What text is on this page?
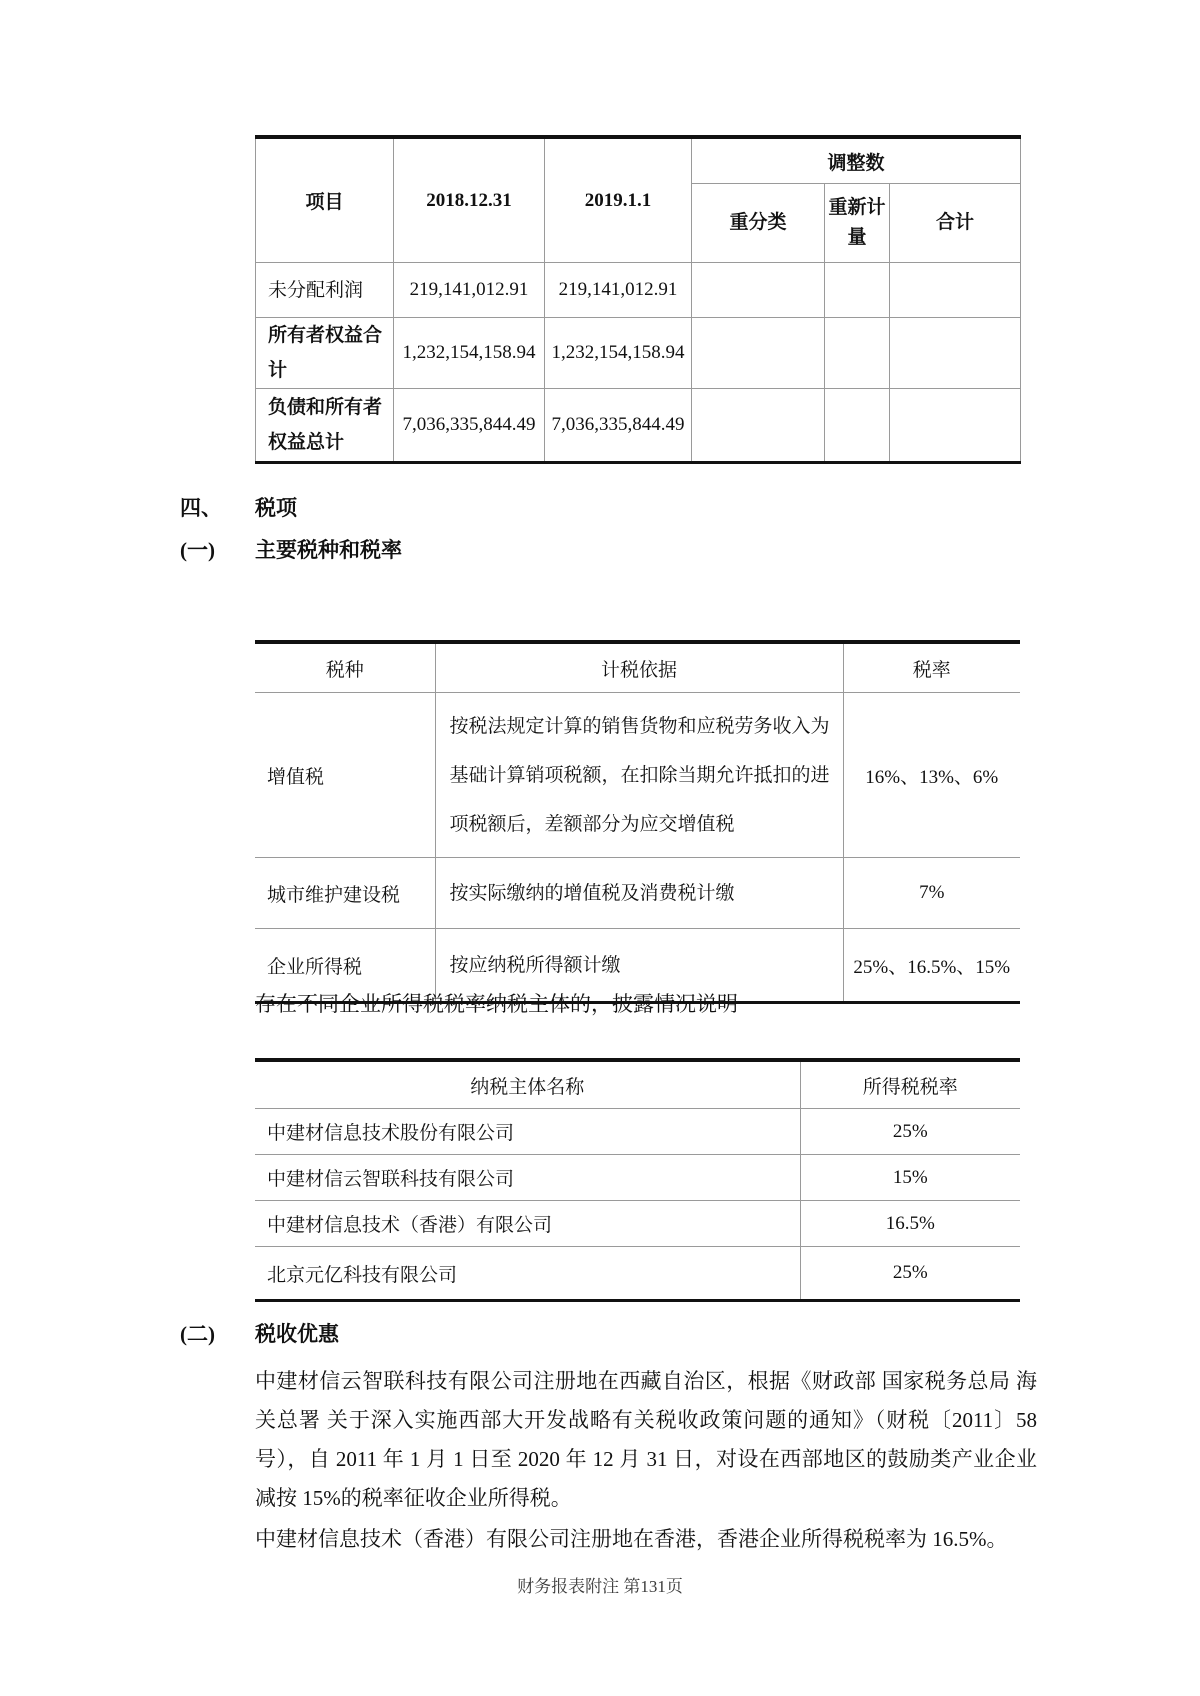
项目	2018.12.31	2019.1.1	调整数		
			重分类	重新计量	合计
未分配利润	219,141,012.91	219,141,012.91			
所有者权益合计	1,232,154,158.94	1,232,154,158.94			
负债和所有者权益总计	7,036,335,844.49	7,036,335,844.49			
四、	税项
(一)	主要税种和税率
税种	计税依据	税率
增值税	按税法规定计算的销售货物和应税劳务收入为基础计算销项税额，在扣除当期允许抵扣的进项税额后，差额部分为应交增值税	16%、13%、6%
城市维护建设税	按实际缴纳的增值税及消费税计缴	7%
企业所得税	按应纳税所得额计缴	25%、16.5%、15%
存在不同企业所得税税率纳税主体的，披露情况说明
纳税主体名称	所得税税率
中建材信息技术股份有限公司	25%
中建材信云智联科技有限公司	15%
中建材信息技术（香港）有限公司	16.5%
北京元亿科技有限公司	25%
(二)	税收优惠

中建材信云智联科技有限公司注册地在西藏自治区，根据《财政部 国家税务总局 海关总署 关于深入实施西部大开发战略有关税收政策问题的通知》（财税〔2011〕58号），自 2011 年 1 月 1 日至 2020 年 12 月 31 日，对设在西部地区的鼓励类产业企业减按 15%的税率征收企业所得税。

中建材信息技术（香港）有限公司注册地在香港，香港企业所得税税率为 16.5%。

财务报表附注 第131页
